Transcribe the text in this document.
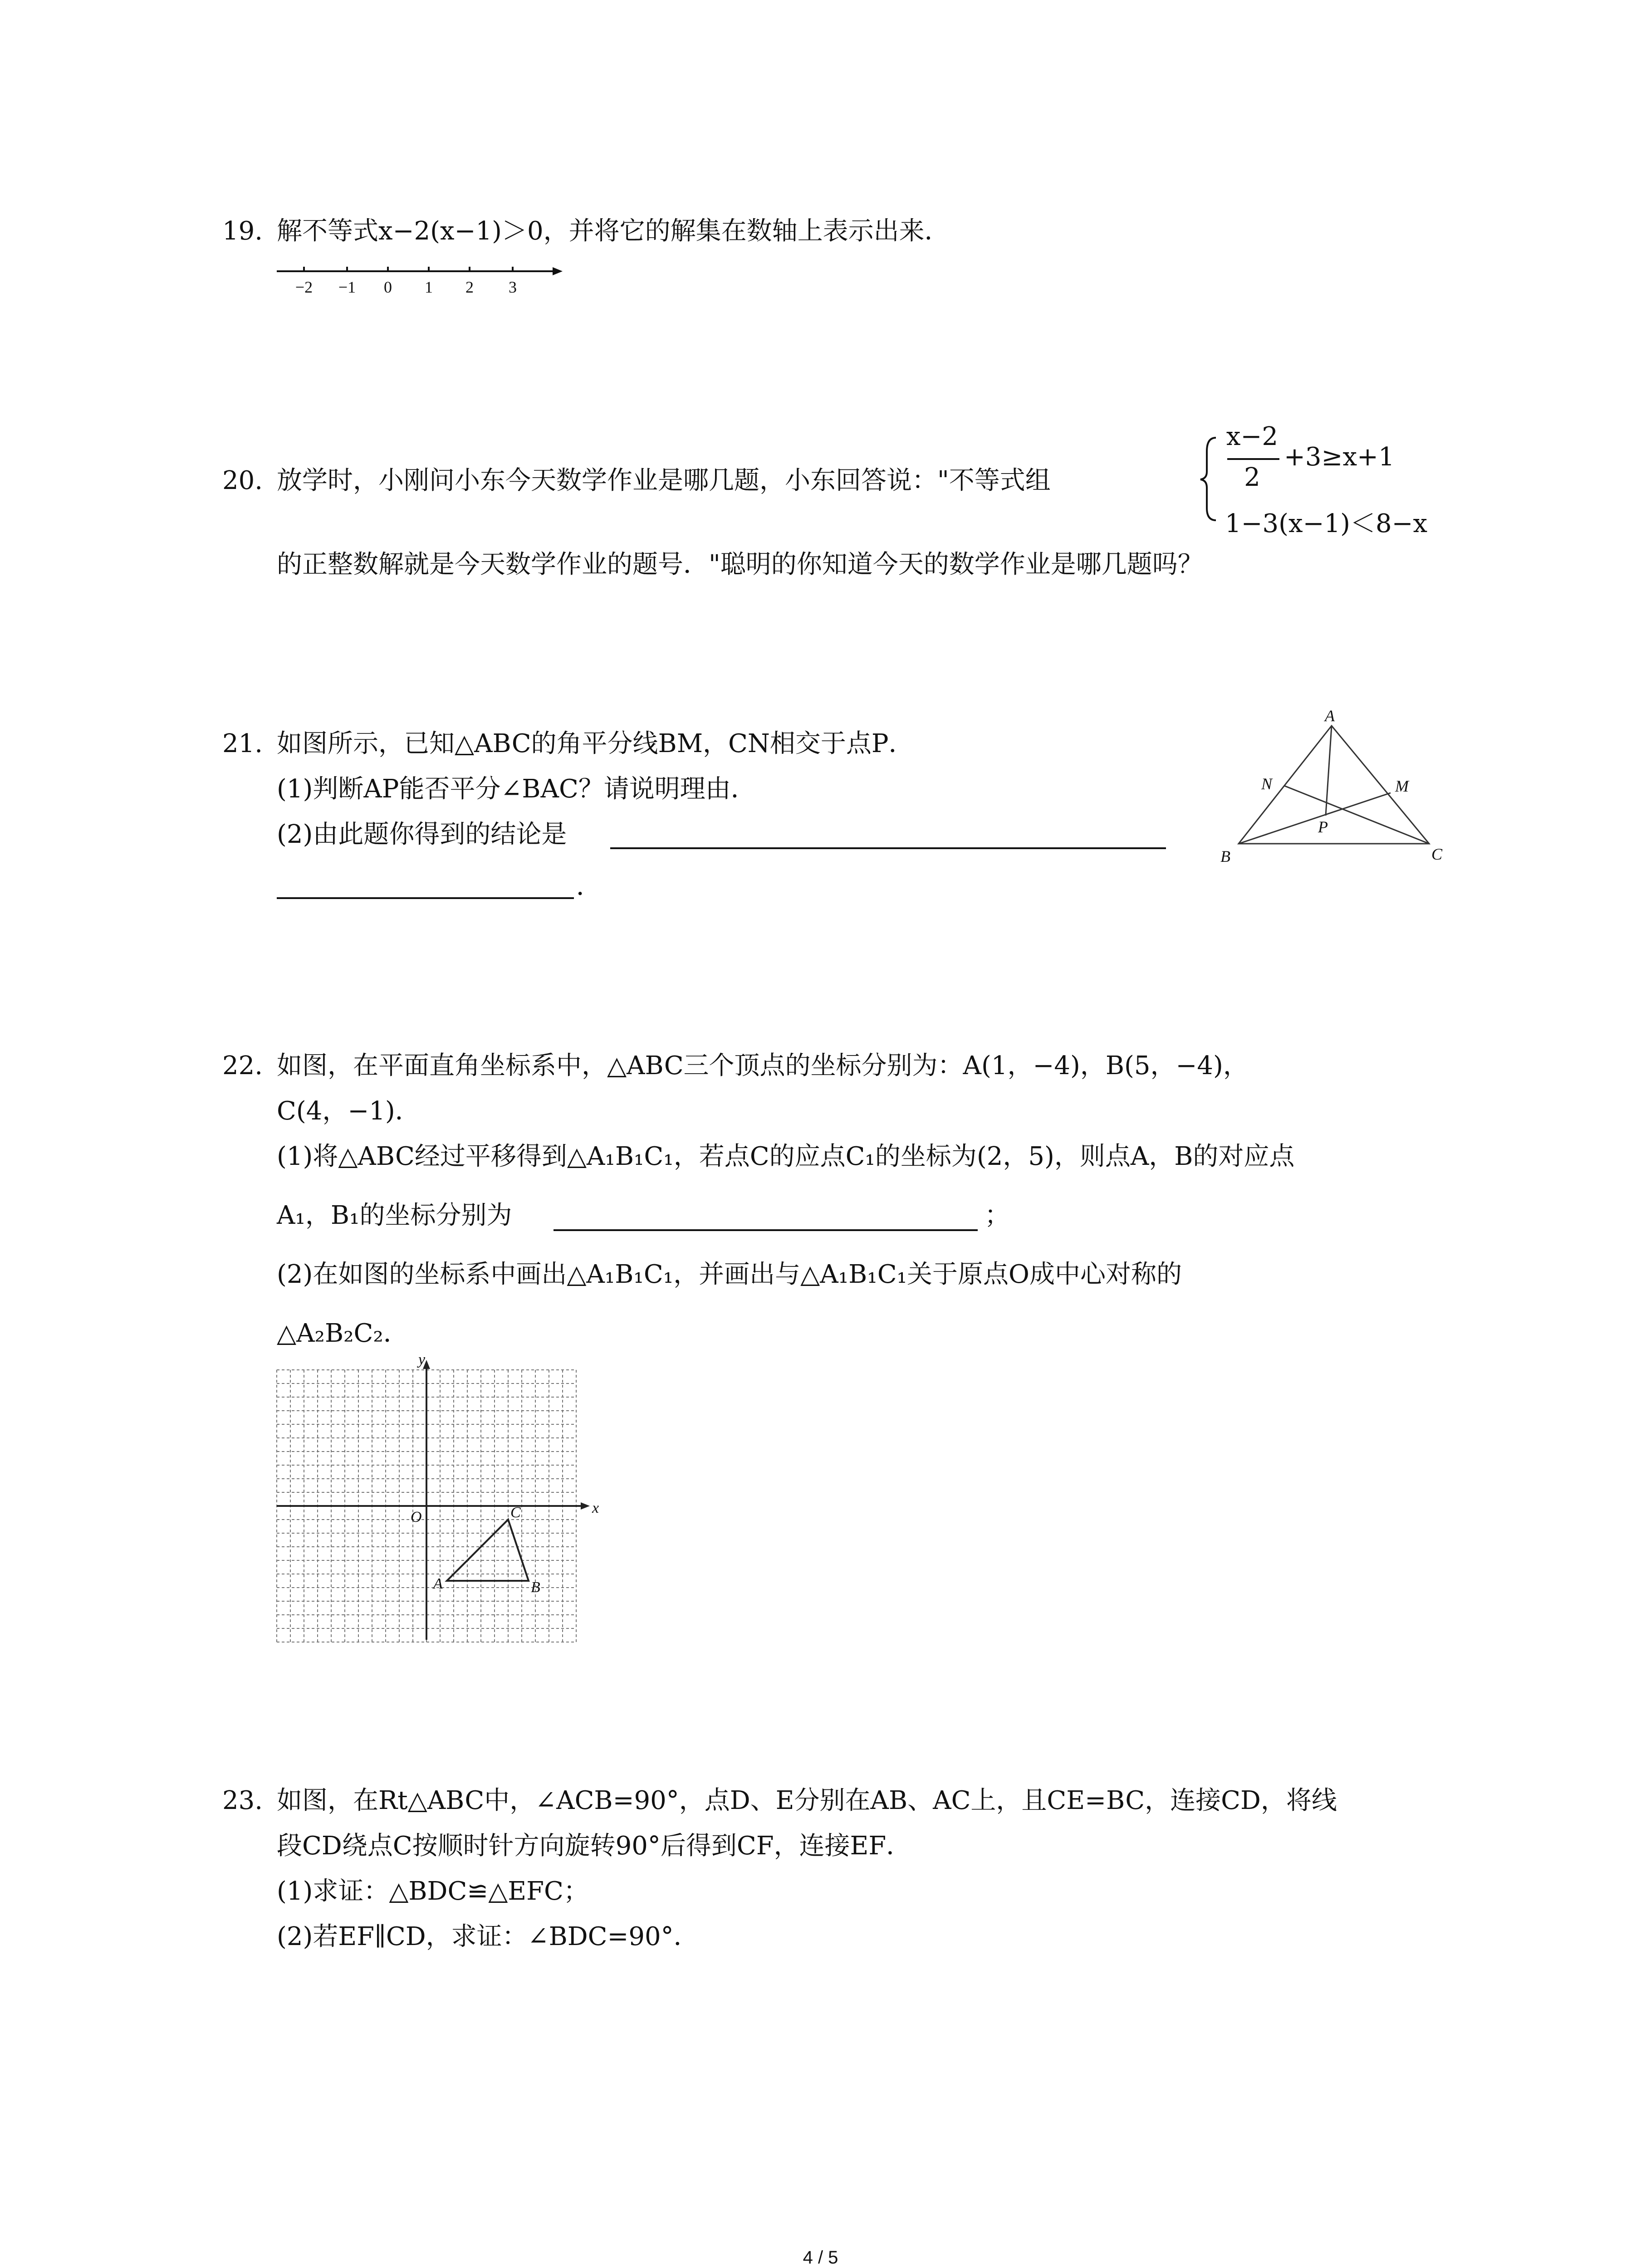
19. 解不等式x−2(x−1)＞0，并将它的解集在数轴上表示出来．
−2 −1 0 1 2 3
20. 放学时，小刚问小东今天数学作业是哪几题，小东回答说："不等式组
x−2
2
+3≥x+1
1−3(x−1)＜8−x
的正整数解就是今天数学作业的题号．"聪明的你知道今天的数学作业是哪几题吗？
21. 如图所示，已知△ABC的角平分线BM，CN相交于点P．
(1)判断AP能否平分∠BAC？请说明理由．
(2)由此题你得到的结论是
．
A
B	C
M
N
P
22. 如图，在平面直角坐标系中，△ABC三个顶点的坐标分别为：A(1，−4)，B(5，−4)，
C(4，−1)．
(1)将△ABC经过平移得到△A₁B₁C₁，若点C的应点C₁的坐标为(2，5)，则点A，B的对应点
A₁，B₁的坐标分别为	；
(2)在如图的坐标系中画出△A₁B₁C₁，并画出与△A₁B₁C₁关于原点O成中心对称的
△A₂B₂C₂．
x
y
O
A	B
C
23. 如图，在Rt△ABC中，∠ACB=90°，点D、E分别在AB、AC上，且CE=BC，连接CD，将线
段CD绕点C按顺时针方向旋转90°后得到CF，连接EF．
(1)求证：△BDC≌△EFC；
(2)若EF∥CD，求证：∠BDC=90°．
4 / 5
